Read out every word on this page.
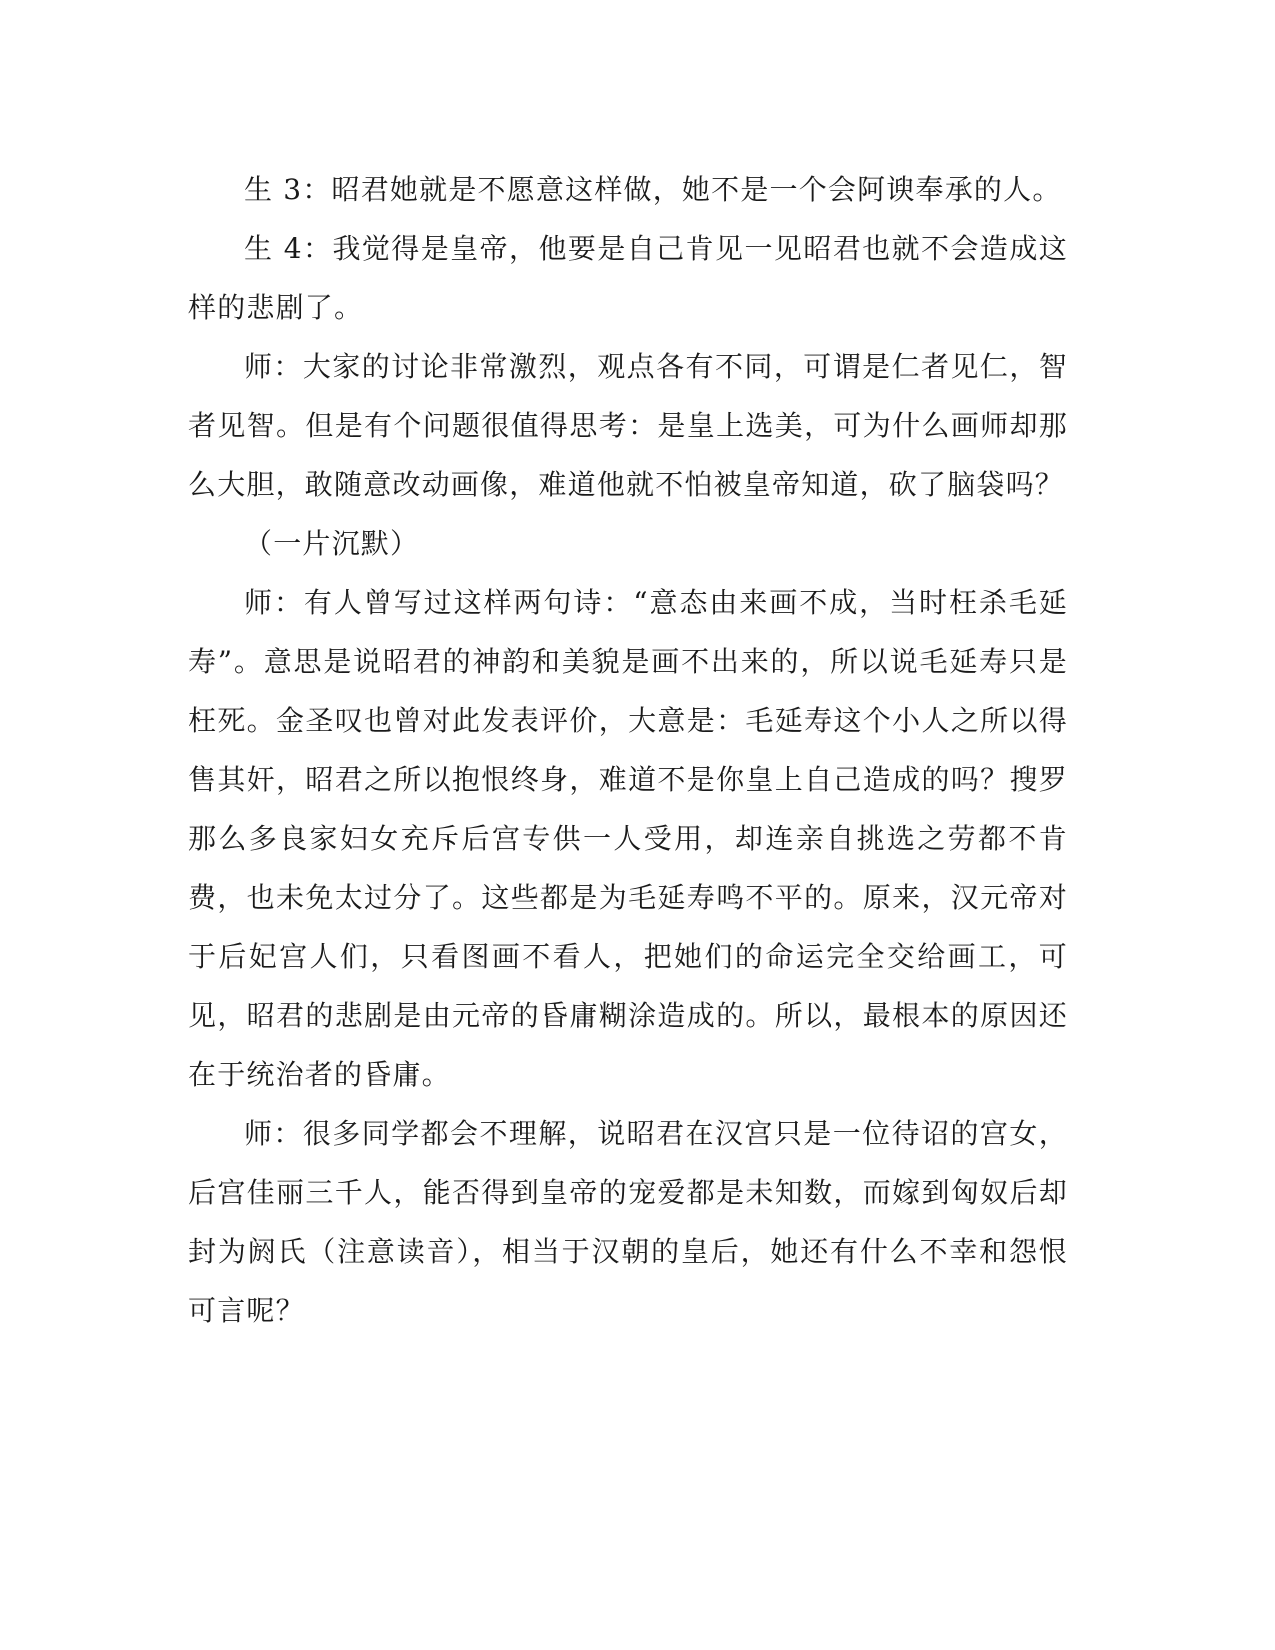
生 3：昭君她就是不愿意这样做，她不是一个会阿谀奉承的人。

生 4：我觉得是皇帝，他要是自己肯见一见昭君也就不会造成这样的悲剧了。

师：大家的讨论非常激烈，观点各有不同，可谓是仁者见仁，智者见智。但是有个问题很值得思考：是皇上选美，可为什么画师却那么大胆，敢随意改动画像，难道他就不怕被皇帝知道，砍了脑袋吗？

（一片沉默）

师：有人曾写过这样两句诗：“意态由来画不成，当时枉杀毛延寿”。意思是说昭君的神韵和美貌是画不出来的，所以说毛延寿只是枉死。金圣叹也曾对此发表评价，大意是：毛延寿这个小人之所以得售其奸，昭君之所以抱恨终身，难道不是你皇上自己造成的吗？搜罗那么多良家妇女充斥后宫专供一人受用，却连亲自挑选之劳都不肯费，也未免太过分了。这些都是为毛延寿鸣不平的。原来，汉元帝对于后妃宫人们，只看图画不看人，把她们的命运完全交给画工，可见，昭君的悲剧是由元帝的昏庸糊涂造成的。所以，最根本的原因还在于统治者的昏庸。

师：很多同学都会不理解，说昭君在汉宫只是一位待诏的宫女，后宫佳丽三千人，能否得到皇帝的宠爱都是未知数，而嫁到匈奴后却封为阏氏（注意读音），相当于汉朝的皇后，她还有什么不幸和怨恨可言呢？
